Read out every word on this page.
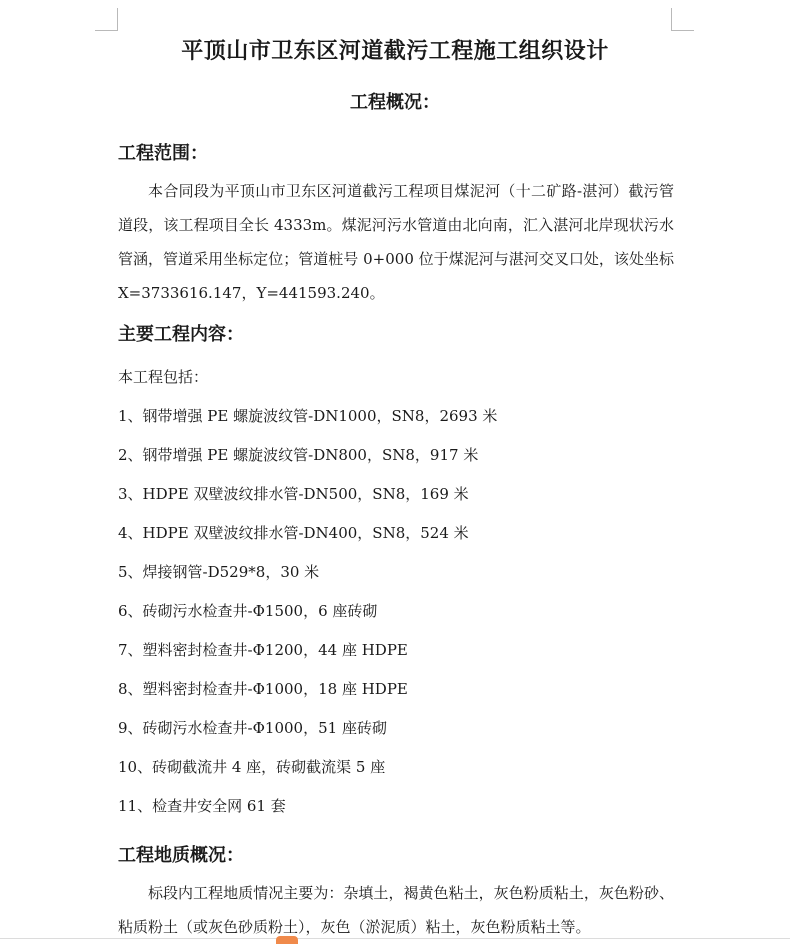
平顶山市卫东区河道截污工程施工组织设计
工程概况：
工程范围：

本合同段为平顶山市卫东区河道截污工程项目煤泥河（十二矿路-湛河）截污管道段，该工程项目全长 4333m。煤泥河污水管道由北向南，汇入湛河北岸现状污水管涵，管道采用坐标定位；管道桩号 0+000 位于煤泥河与湛河交叉口处，该处坐标 X=3733616.147，Y=441593.240。

主要工程内容：

本工程包括：

1、钢带增强 PE 螺旋波纹管-DN1000，SN8，2693 米

2、钢带增强 PE 螺旋波纹管-DN800，SN8，917 米

3、HDPE 双壁波纹排水管-DN500，SN8，169 米

4、HDPE 双壁波纹排水管-DN400，SN8，524 米

5、焊接钢管-D529*8，30 米

6、砖砌污水检查井-Φ1500，6 座砖砌

7、塑料密封检查井-Φ1200，44 座 HDPE

8、塑料密封检查井-Φ1000，18 座 HDPE

9、砖砌污水检查井-Φ1000，51 座砖砌

10、砖砌截流井 4 座，砖砌截流渠 5 座

11、检查井安全网 61 套

工程地质概况：

标段内工程地质情况主要为：杂填土，褐黄色粘土，灰色粉质粘土，灰色粉砂、粘质粉土（或灰色砂质粉土），灰色（淤泥质）粘土，灰色粉质粘土等。
